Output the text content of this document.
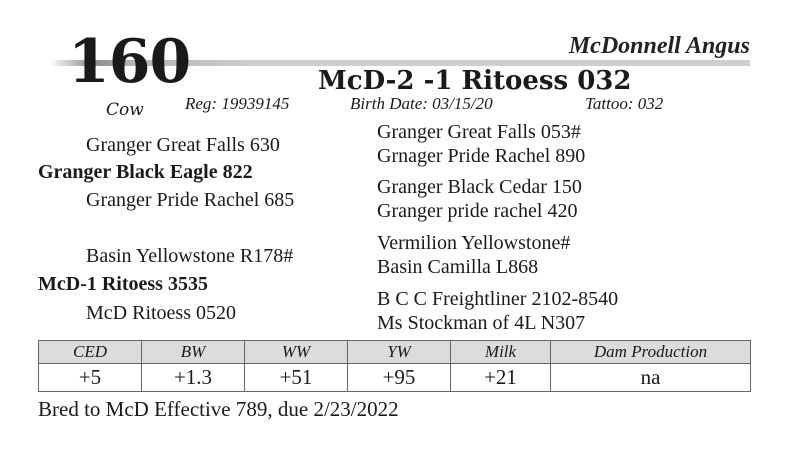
160
Cow
McDonnell Angus
McD-2 -1 Ritoess 032
Reg: 19939145	Birth Date: 03/15/20	Tattoo: 032
Granger Great Falls 630
Granger Black Eagle 822
Granger Pride Rachel 685
Granger Great Falls 053#
Grnager Pride Rachel 890
Granger Black Cedar 150
Granger pride rachel 420
Basin Yellowstone R178#
McD-1 Ritoess 3535
McD Ritoess 0520
Vermilion Yellowstone#
Basin Camilla L868
B C C Freightliner 2102-8540
Ms Stockman of 4L N307
CED	BW	WW	YW	Milk	Dam Production
+5	+1.3	+51	+95	+21	na
Bred to McD Effective 789, due 2/23/2022
